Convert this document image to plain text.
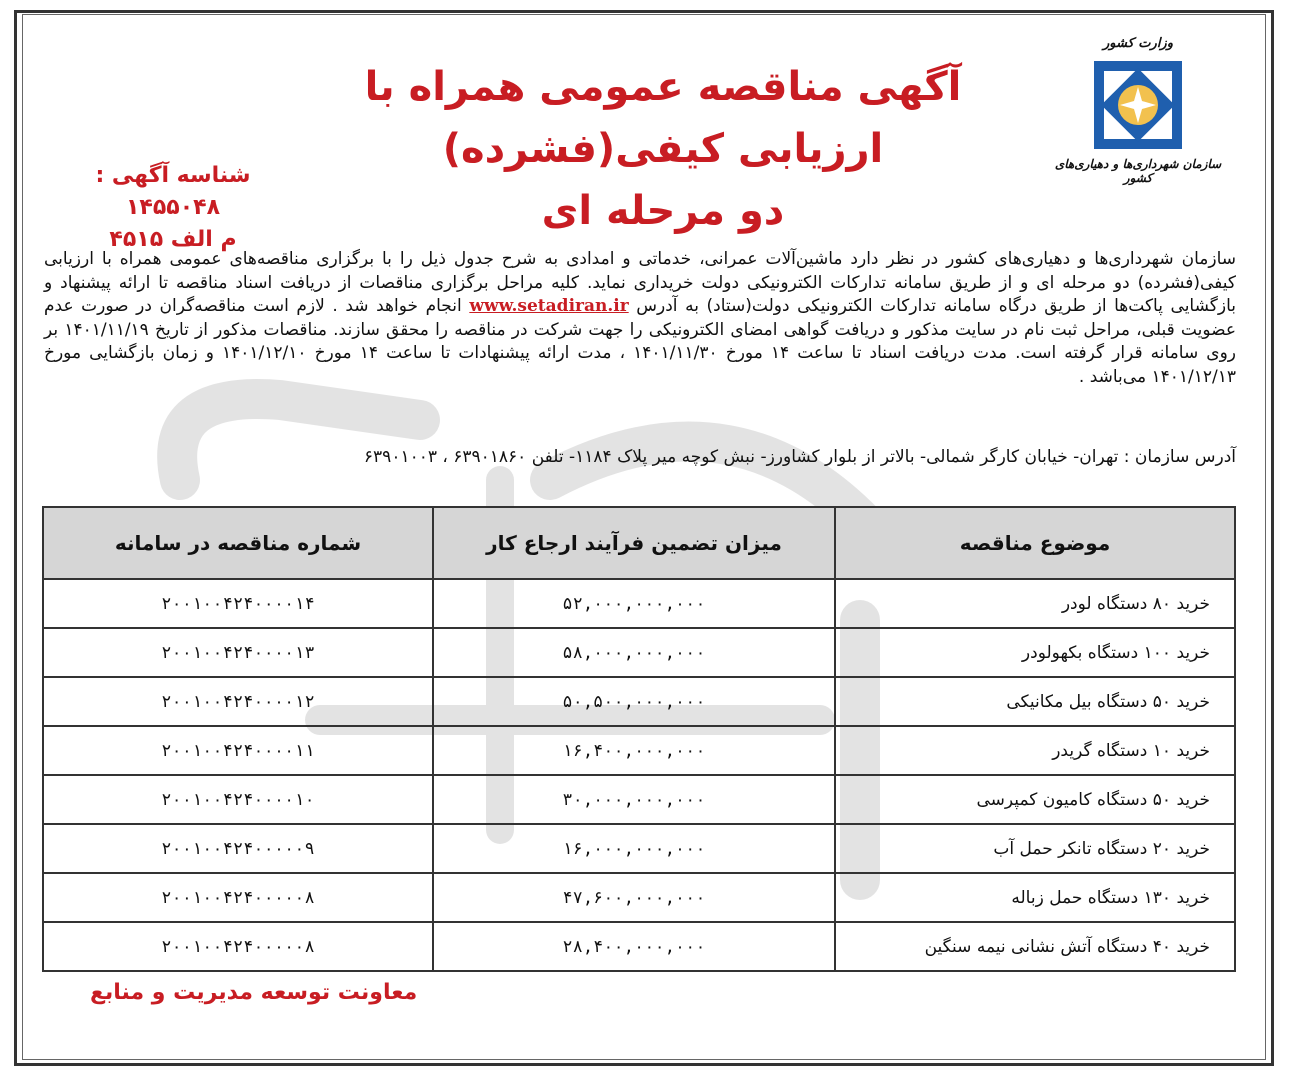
وزارت کشور
سازمان شهرداری‌ها و دهیاری‌های کشور
آگهی مناقصه عمومی همراه با ارزیابی کیفی(فشرده)
دو مرحله ای
شناسه آگهی : ۱۴۵۵۰۴۸
م الف ۴۵۱۵
سازمان شهرداری‌ها و دهیاری‌های کشور در نظر دارد ماشین‌آلات عمرانی، خدماتی و امدادی به شرح جدول ذیل را با برگزاری مناقصه‌های عمومی همراه با ارزیابی کیفی(فشرده) دو مرحله ای و از طریق سامانه تدارکات الکترونیکی دولت خریداری نماید. کلیه مراحل برگزاری مناقصات از دریافت اسناد مناقصه تا ارائه پیشنهاد و بازگشایی پاکت‌ها از طریق درگاه سامانه تدارکات الکترونیکی دولت(ستاد) به آدرس www.setadiran.ir انجام خواهد شد . لازم است مناقصه‌گران در صورت عدم عضویت قبلی، مراحل ثبت نام در سایت مذکور و دریافت گواهی امضای الکترونیکی را جهت شرکت در مناقصه را محقق سازند. مناقصات مذکور از تاریخ ۱۴۰۱/۱۱/۱۹ بر روی سامانه قرار گرفته است. مدت دریافت اسناد تا ساعت ۱۴ مورخ ۱۴۰۱/۱۱/۳۰ ، مدت ارائه پیشنهادات تا ساعت ۱۴ مورخ ۱۴۰۱/۱۲/۱۰ و زمان بازگشایی مورخ ۱۴۰۱/۱۲/۱۳ می‌باشد .
آدرس سازمان : تهران- خیابان کارگر شمالی- بالاتر از بلوار کشاورز- نبش کوچه میر پلاک ۱۱۸۴- تلفن ۶۳۹۰۱۸۶۰ ، ۶۳۹۰۱۰۰۳
موضوع مناقصه	میزان تضمین فرآیند ارجاع کار	شماره مناقصه در سامانه
خرید ۸۰ دستگاه لودر	۵۲,۰۰۰,۰۰۰,۰۰۰	۲۰۰۱۰۰۴۲۴۰۰۰۰۱۴
خرید ۱۰۰ دستگاه بکهولودر	۵۸,۰۰۰,۰۰۰,۰۰۰	۲۰۰۱۰۰۴۲۴۰۰۰۰۱۳
خرید ۵۰ دستگاه بیل مکانیکی	۵۰,۵۰۰,۰۰۰,۰۰۰	۲۰۰۱۰۰۴۲۴۰۰۰۰۱۲
خرید ۱۰ دستگاه گریدر	۱۶,۴۰۰,۰۰۰,۰۰۰	۲۰۰۱۰۰۴۲۴۰۰۰۰۱۱
خرید ۵۰ دستگاه کامیون کمپرسی	۳۰,۰۰۰,۰۰۰,۰۰۰	۲۰۰۱۰۰۴۲۴۰۰۰۰۱۰
خرید ۲۰ دستگاه تانکر حمل آب	۱۶,۰۰۰,۰۰۰,۰۰۰	۲۰۰۱۰۰۴۲۴۰۰۰۰۰۹
خرید ۱۳۰ دستگاه حمل زباله	۴۷,۶۰۰,۰۰۰,۰۰۰	۲۰۰۱۰۰۴۲۴۰۰۰۰۰۸
خرید ۴۰ دستگاه آتش نشانی نیمه سنگین	۲۸,۴۰۰,۰۰۰,۰۰۰	۲۰۰۱۰۰۴۲۴۰۰۰۰۰۸
معاونت توسعه مدیریت و منابع
